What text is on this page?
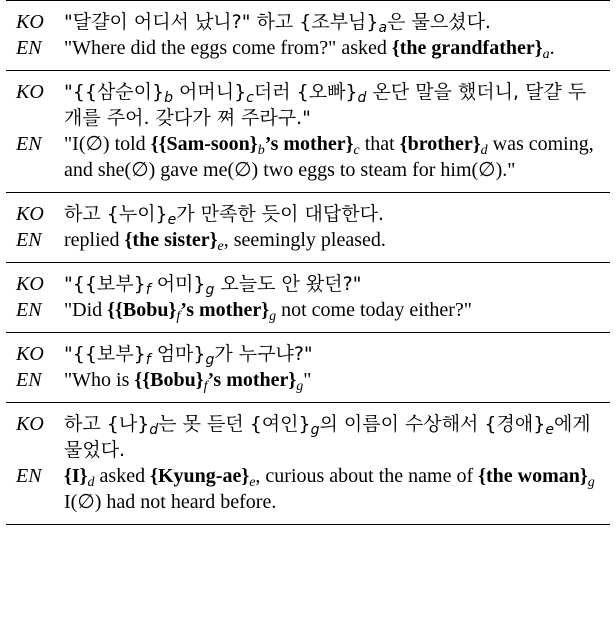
KO	"달걀이 어디서 났니?" 하고 {조부님}$_a$은 물으셨다.
EN	"Where did the eggs come from?" asked {the $grandfather\}_a$.
KO	"{{삼순이}$_b$ 어머니}$_c$더러 {오빠}$_d$ 온단 말을 했더니, 달걀 두 개를 주어. 갖다가 쪄 주라구."
EN	"I(∅) told {$\{Sam-soon\}_b’s$ $mother\}_c$ that $\{brother\}_d$ was coming, and she(∅) gave me(∅) two eggs to steam for him(∅)."
KO	하고 {누이}$_e$가 만족한 듯이 대답한다.
EN	replied {the $sister\}_e$, seemingly pleased.
KO	"{{보부}$_f$ 어미}$_g$ 오늘도 안 왔던?"
EN	"Did {$\{Bobu\}_f’s$ $mother\}_g$ not come today either?"
KO	"{{보부}$_f$ 엄마}$_g$가 누구냐?"
EN	"Who is {$\{Bobu\}_f’s$ $mother\}_g$"
KO	하고 {나}$_d$는 못 듣던 {여인}$_g$의 이름이 수상해서 {경애}$_e$에게 물었다.
EN	$\{I\}_d$ asked $\{Kyung-ae\}_e$, curious about the name of {the $woman\}_g$ I(∅) had not heard before.
